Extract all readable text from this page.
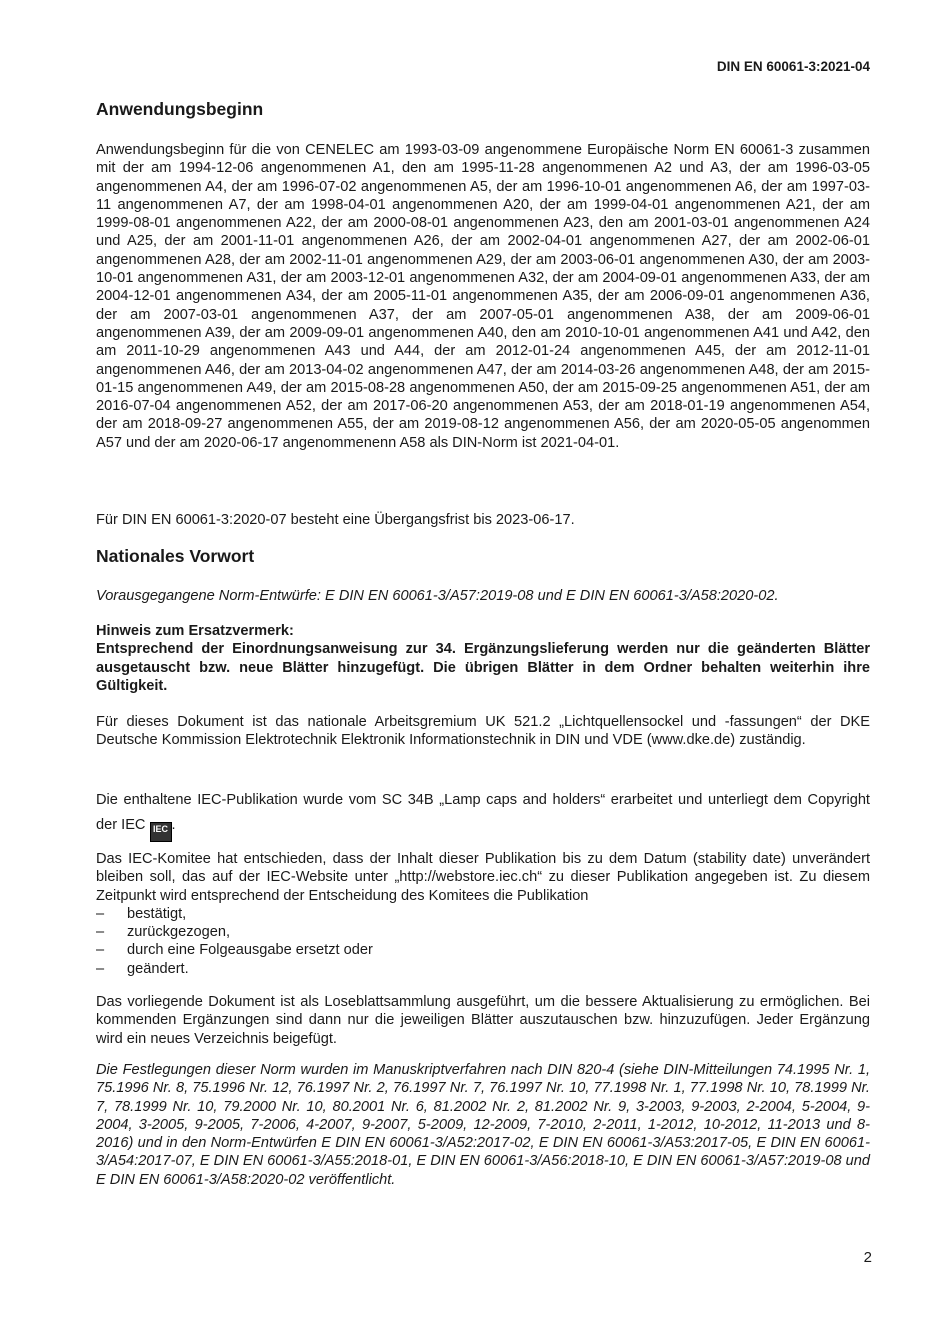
DIN EN 60061-3:2021-04
Anwendungsbeginn

Anwendungsbeginn für die von CENELEC am 1993-03-09 angenommene Europäische Norm EN 60061-3 zusammen mit der am 1994-12-06 angenommenen A1, den am 1995-11-28 angenommenen A2 und A3, der am 1996-03-05 angenommenen A4, der am 1996-07-02 angenommenen A5, der am 1996-10-01 angenommenen A6, der am 1997-03-11 angenommenen A7, der am 1998-04-01 angenommenen A20, der am 1999-04-01 angenommenen A21, der am 1999-08-01 angenommenen A22, der am 2000-08-01 angenommenen A23, den am 2001-03-01 angenommenen A24 und A25, der am 2001-11-01 angenommenen A26, der am 2002-04-01 angenommenen A27, der am 2002-06-01 angenommenen A28, der am 2002-11-01 angenommenen A29, der am 2003-06-01 angenommenen A30, der am 2003-10-01 angenommenen A31, der am 2003-12-01 angenommenen A32, der am 2004-09-01 angenommenen A33, der am 2004-12-01 angenommenen A34, der am 2005-11-01 angenommenen A35, der am 2006-09-01 angenommenen A36, der am 2007-03-01 angenommenen A37, der am 2007-05-01 angenommenen A38, der am 2009-06-01 angenommenen A39, der am 2009-09-01 angenommenen A40, den am 2010-10-01 angenommenen A41 und A42, den am 2011-10-29 angenommenen A43 und A44, der am 2012-01-24 angenommenen A45, der am 2012-11-01 angenommenen A46, der am 2013-04-02 angenommenen A47, der am 2014-03-26 angenommenen A48, der am 2015-01-15 angenommenen A49, der am 2015-08-28 angenommenen A50, der am 2015-09-25 angenommenen A51, der am 2016-07-04 angenommenen A52, der am 2017-06-20 angenommenen A53, der am 2018-01-19 angenommenen A54, der am 2018-09-27 angenommenen A55, der am 2019-08-12 angenommenen A56, der am 2020-05-05 angenommen A57 und der am 2020-06-17 angenommenenn A58 als DIN-Norm ist 2021-04-01.

Für DIN EN 60061-3:2020-07 besteht eine Übergangsfrist bis 2023-06-17.

Nationales Vorwort

Vorausgegangene Norm-Entwürfe: E DIN EN 60061-3/A57:2019-08 und E DIN EN 60061-3/A58:2020-02.

Hinweis zum Ersatzvermerk:
Entsprechend der Einordnungsanweisung zur 34. Ergänzungslieferung werden nur die geänderten Blätter ausgetauscht bzw. neue Blätter hinzugefügt. Die übrigen Blätter in dem Ordner behalten weiterhin ihre Gültigkeit.

Für dieses Dokument ist das nationale Arbeitsgremium UK 521.2 „Lichtquellensockel und -fassungen“ der DKE Deutsche Kommission Elektrotechnik Elektronik Informationstechnik in DIN und VDE (www.dke.de) zuständig.

Die enthaltene IEC-Publikation wurde vom SC 34B „Lamp caps and holders“ erarbeitet und unterliegt dem Copyright der IEC IEC .

Das IEC-Komitee hat entschieden, dass der Inhalt dieser Publikation bis zu dem Datum (stability date) unverändert bleiben soll, das auf der IEC-Website unter „http://webstore.iec.ch“ zu dieser Publikation angegeben ist. Zu diesem Zeitpunkt wird entsprechend der Entscheidung des Komitees die Publikation
– bestätigt,
– zurückgezogen,
– durch eine Folgeausgabe ersetzt oder
– geändert.

Das vorliegende Dokument ist als Loseblattsammlung ausgeführt, um die bessere Aktualisierung zu ermöglichen. Bei kommenden Ergänzungen sind dann nur die jeweiligen Blätter auszutauschen bzw. hinzuzufügen. Jeder Ergänzung wird ein neues Verzeichnis beigefügt.

Die Festlegungen dieser Norm wurden im Manuskriptverfahren nach DIN 820-4 (siehe DIN-Mitteilungen 74.1995 Nr. 1, 75.1996 Nr. 8, 75.1996 Nr. 12, 76.1997 Nr. 2, 76.1997 Nr. 7, 76.1997 Nr. 10, 77.1998 Nr. 1, 77.1998 Nr. 10, 78.1999 Nr. 7, 78.1999 Nr. 10, 79.2000 Nr. 10, 80.2001 Nr. 6, 81.2002 Nr. 2, 81.2002 Nr. 9, 3-2003, 9-2003, 2-2004, 5-2004, 9-2004, 3-2005, 9-2005, 7-2006, 4-2007, 9-2007, 5-2009, 12-2009, 7-2010, 2-2011, 1-2012, 10-2012, 11-2013 und 8-2016) und in den Norm-Entwürfen E DIN EN 60061-3/A52:2017-02, E DIN EN 60061-3/A53:2017-05, E DIN EN 60061-3/A54:2017-07, E DIN EN 60061-3/A55:2018-01, E DIN EN 60061-3/A56:2018-10, E DIN EN 60061-3/A57:2019-08 und E DIN EN 60061-3/A58:2020-02 veröffentlicht.

2
